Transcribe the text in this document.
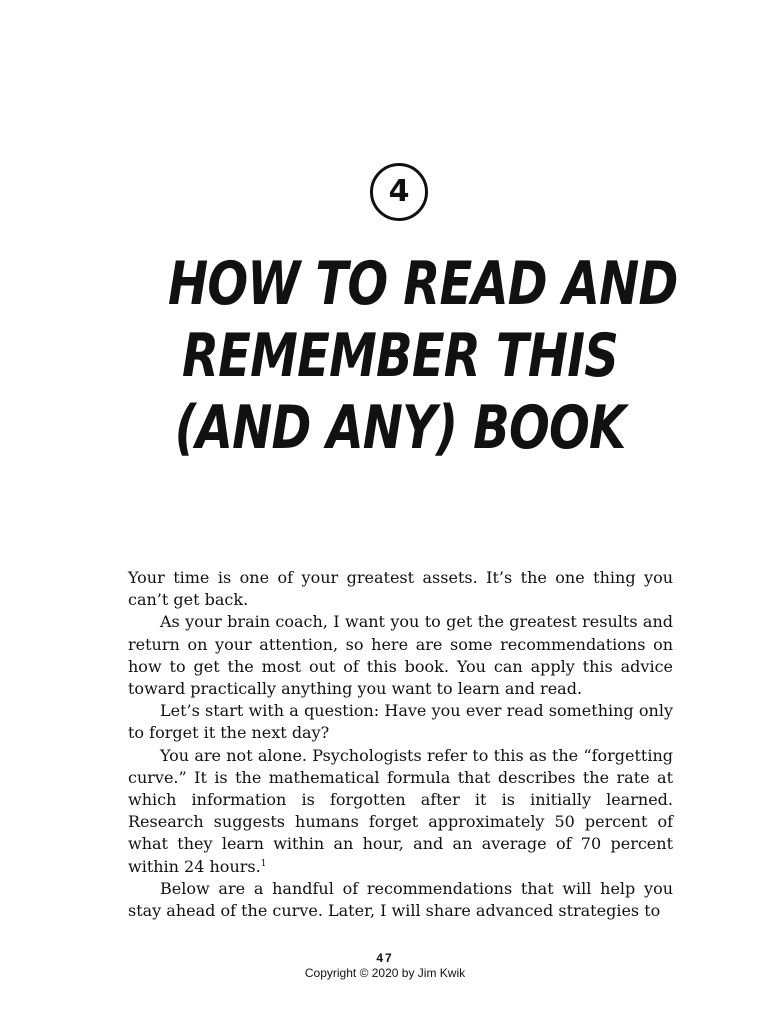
4
HOW TO READ AND
REMEMBER THIS
(AND ANY) BOOK

Your time is one of your greatest assets. It’s the one thing you can’t get back.

As your brain coach, I want you to get the greatest results and return on your attention, so here are some recommendations on how to get the most out of this book. You can apply this advice toward practically anything you want to learn and read.

Let’s start with a question: Have you ever read something only to forget it the next day?

You are not alone. Psychologists refer to this as the “forgetting curve.” It is the mathematical formula that describes the rate at which information is forgotten after it is initially learned. Research suggests humans forget approximately 50 percent of what they learn within an hour, and an average of 70 percent within 24 hours.$^1$

Below are a handful of recommendations that will help you stay ahead of the curve. Later, I will share advanced strategies to

47
Copyright © 2020 by Jim Kwik
